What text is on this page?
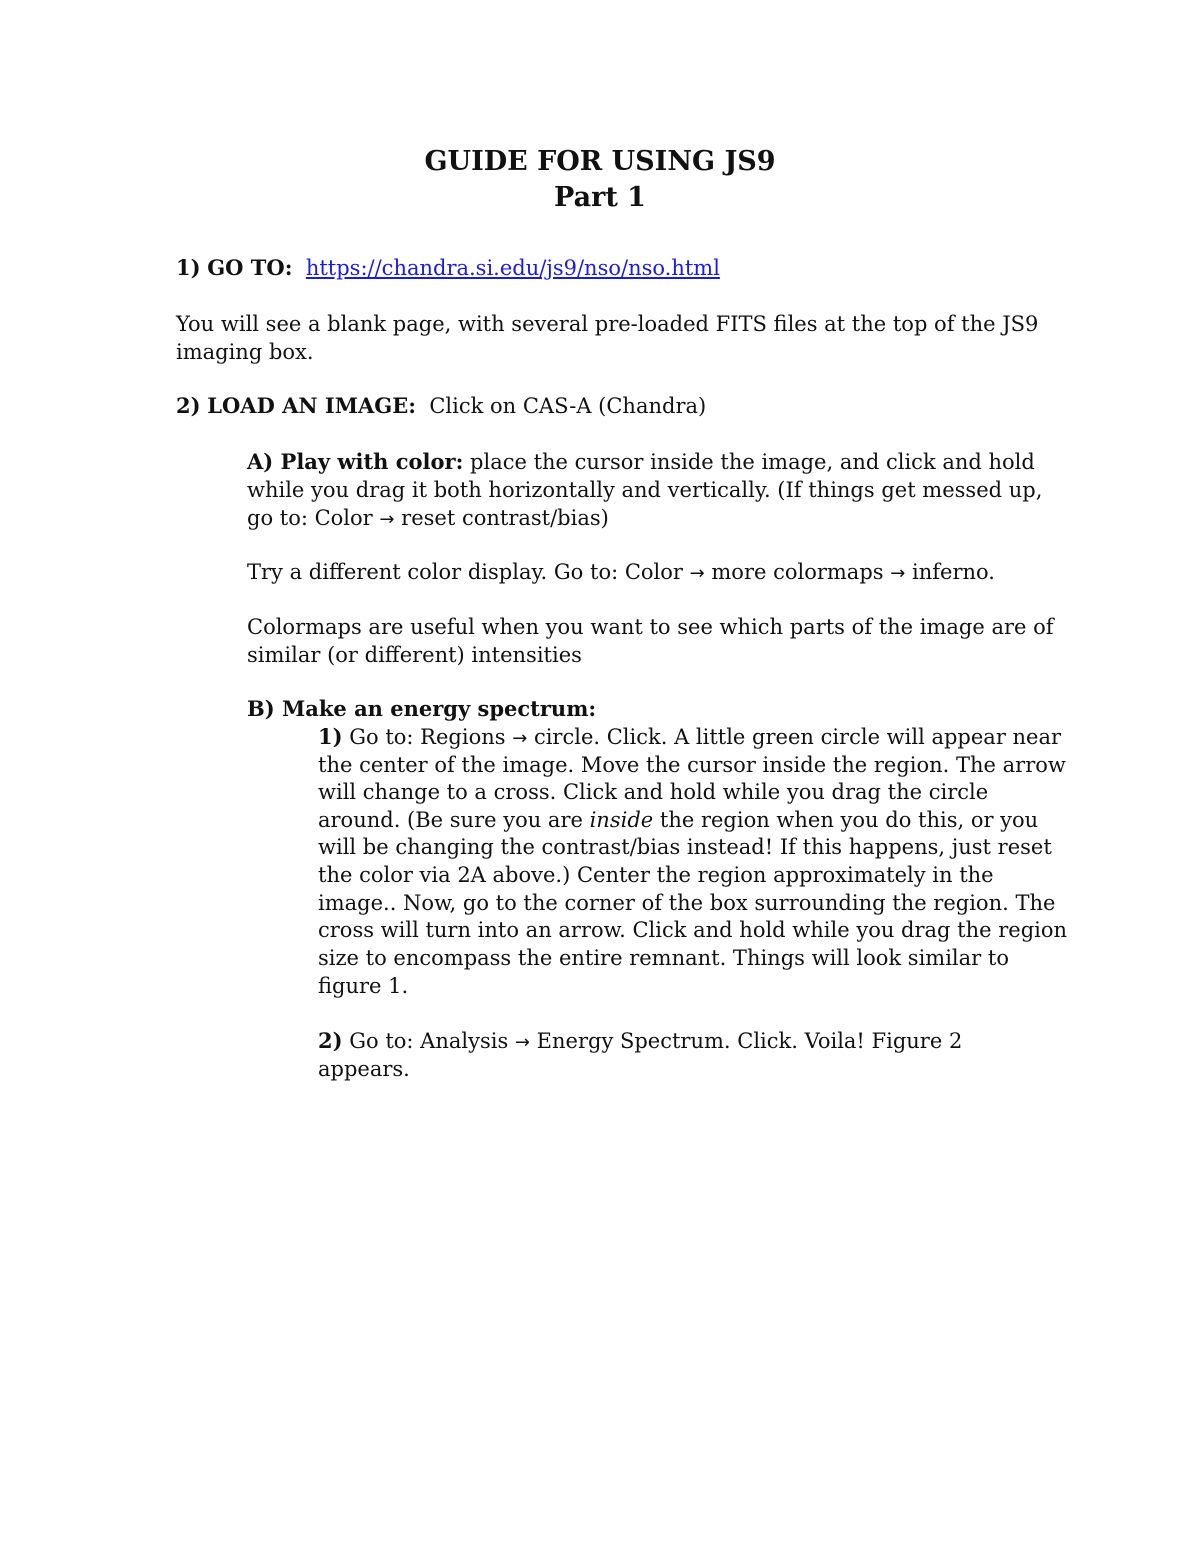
GUIDE FOR USING JS9
Part 1
1) GO TO: https://chandra.si.edu/js9/nso/nso.html
You will see a blank page, with several pre-loaded FITS files at the top of the JS9
imaging box.
2) LOAD AN IMAGE: Click on CAS-A (Chandra)
A) Play with color: place the cursor inside the image, and click and hold
while you drag it both horizontally and vertically. (If things get messed up,
go to: Color → reset contrast/bias)
Try a different color display. Go to: Color → more colormaps → inferno.
Colormaps are useful when you want to see which parts of the image are of
similar (or different) intensities
B) Make an energy spectrum:
1) Go to: Regions → circle. Click. A little green circle will appear near
the center of the image. Move the cursor inside the region. The arrow
will change to a cross. Click and hold while you drag the circle
around. (Be sure you are inside the region when you do this, or you
will be changing the contrast/bias instead! If this happens, just reset
the color via 2A above.) Center the region approximately in the
image.. Now, go to the corner of the box surrounding the region. The
cross will turn into an arrow. Click and hold while you drag the region
size to encompass the entire remnant. Things will look similar to
figure 1.
2) Go to: Analysis → Energy Spectrum. Click. Voila! Figure 2
appears.
